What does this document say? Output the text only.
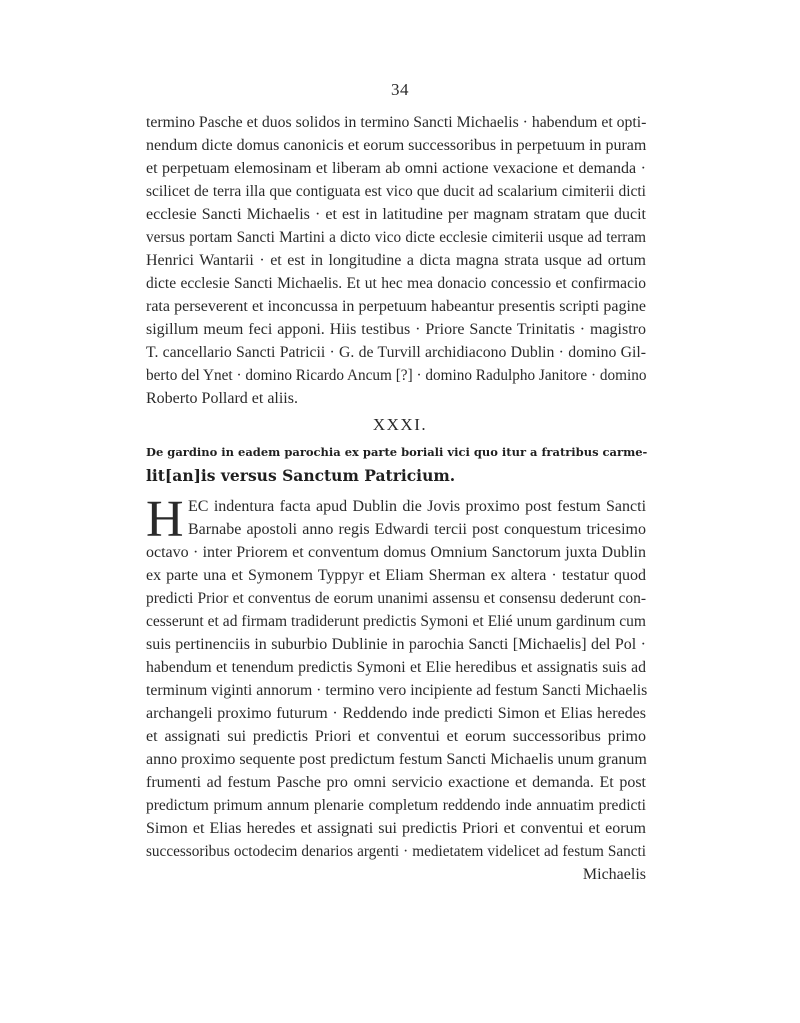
34
termino Pasche et duos solidos in termino Sancti Michaelis · habendum et opti-
nendum dicte domus canonicis et eorum successoribus in perpetuum in puram
et perpetuam elemosinam et liberam ab omni actione vexacione et demanda ·
scilicet de terra illa que contiguata est vico que ducit ad scalarium cimiterii dicti
ecclesie Sancti Michaelis · et est in latitudine per magnam stratam que ducit
versus portam Sancti Martini a dicto vico dicte ecclesie cimiterii usque ad terram
Henrici Wantarii · et est in longitudine a dicta magna strata usque ad ortum
dicte ecclesie Sancti Michaelis. Et ut hec mea donacio concessio et confirmacio
rata perseverent et inconcussa in perpetuum habeantur presentis scripti pagine
sigillum meum feci apponi. Hiis testibus · Priore Sancte Trinitatis · magistro
T. cancellario Sancti Patricii · G. de Turvill archidiacono Dublin · domino Gil-
berto del Ynet · domino Ricardo Ancum [?] · domino Radulpho Janitore · domino
Roberto Pollard et aliis.
XXXI.
De gardino in eadem parochia ex parte boriali vici quo itur a fratribus carme-
lit[an]is versus Sanctum Patricium.
H EC indentura facta apud Dublin die Jovis proximo post festum Sancti
Barnabe apostoli anno regis Edwardi tercii post conquestum tricesimo
octavo · inter Priorem et conventum domus Omnium Sanctorum juxta Dublin
ex parte una et Symonem Typpyr et Eliam Sherman ex altera · testatur quod
predicti Prior et conventus de eorum unanimi assensu et consensu dederunt con-
cesserunt et ad firmam tradiderunt predictis Symoni et Elié unum gardinum cum
suis pertinenciis in suburbio Dublinie in parochia Sancti [Michaelis] del Pol ·
habendum et tenendum predictis Symoni et Elie heredibus et assignatis suis ad
terminum viginti annorum · termino vero incipiente ad festum Sancti Michaelis
archangeli proximo futurum · Reddendo inde predicti Simon et Elias heredes
et assignati sui predictis Priori et conventui et eorum successoribus primo
anno proximo sequente post predictum festum Sancti Michaelis unum granum
frumenti ad festum Pasche pro omni servicio exactione et demanda. Et post
predictum primum annum plenarie completum reddendo inde annuatim predicti
Simon et Elias heredes et assignati sui predictis Priori et conventui et eorum
successoribus octodecim denarios argenti · medietatem videlicet ad festum Sancti
Michaelis
